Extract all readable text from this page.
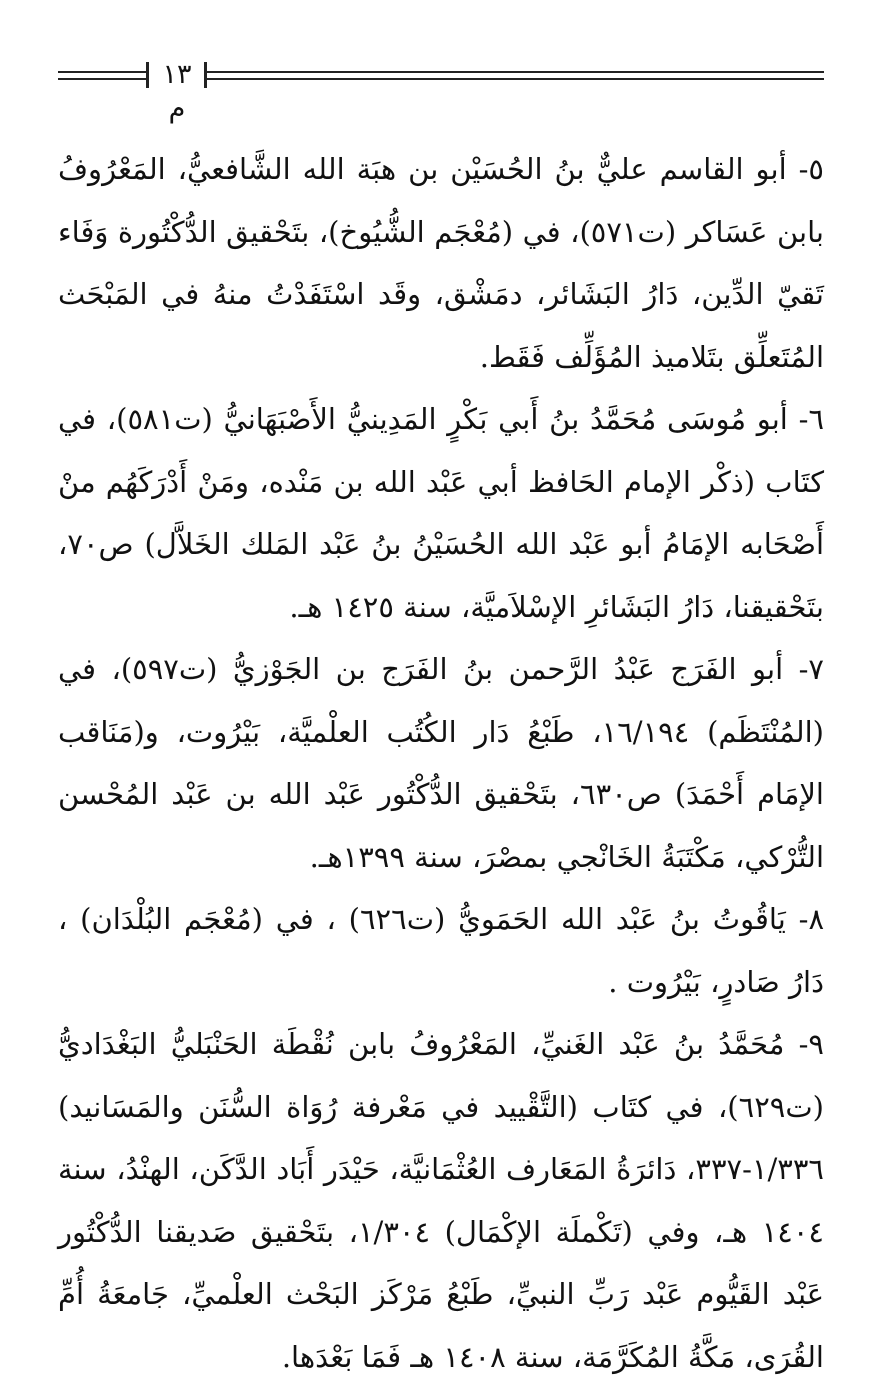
١٣ م

٥- أبو القاسم عليٌّ بنُ الحُسَيْن بن هبَة الله الشَّافعيُّ، المَعْرُوفُ بابن عَسَاكر (ت٥٧١)، في (مُعْجَم الشُّيُوخ)، بتَحْقيق الدُّكْتُورة وَفَاء تَقيّ الدِّين، دَارُ البَشَائر، دمَشْق، وقَد اسْتَفَدْتُ منهُ في المَبْحَث المُتَعلِّق بتَلاميذ المُؤَلِّف فَقَط.

٦- أبو مُوسَى مُحَمَّدُ بنُ أَبي بَكْرٍ المَدِينيُّ الأَصْبَهَانيُّ (ت٥٨١)، في كتَاب (ذكْر الإمام الحَافظ أبي عَبْد الله بن مَنْده، ومَنْ أَدْرَكَهُم منْ أَصْحَابه الإمَامُ أبو عَبْد الله الحُسَيْنُ بنُ عَبْد المَلك الخَلاَّل) ص٧٠، بتَحْقيقنا، دَارُ البَشَائرِ الإسْلاَميَّة، سنة ١٤٢٥ هـ.

٧- أبو الفَرَج عَبْدُ الرَّحمن بنُ الفَرَج بن الجَوْزيُّ (ت٥٩٧)، في (المُنْتَظَم) ١٦/١٩٤، طَبْعُ دَار الكُتُب العلْميَّة، بَيْرُوت، و(مَنَاقب الإمَام أَحْمَدَ) ص٦٣٠، بتَحْقيق الدُّكْتُور عَبْد الله بن عَبْد المُحْسن التُّرْكي، مَكْتَبَةُ الخَانْجي بمصْرَ، سنة ١٣٩٩هـ.

٨- يَاقُوتُ بنُ عَبْد الله الحَمَويُّ (ت٦٢٦) ، في (مُعْجَم البُلْدَان) ، دَارُ صَادرٍ، بَيْرُوت .

٩- مُحَمَّدُ بنُ عَبْد الغَنيِّ، المَعْرُوفُ بابن نُقْطَة الحَنْبَليُّ البَغْدَاديُّ (ت٦٢٩)، في كتَاب (التَّقْييد في مَعْرفة رُوَاة السُّنَن والمَسَانيد) ١/٣٣٦-٣٣٧، دَائرَةُ المَعَارف العُثْمَانيَّة، حَيْدَر أَبَاد الدَّكَن، الهنْدُ، سنة ١٤٠٤ هـ، وفي (تَكْملَة الإكْمَال) ١/٣٠٤، بتَحْقيق صَديقنا الدُّكْتُور عَبْد القَيُّوم عَبْد رَبِّ النبيِّ، طَبْعُ مَرْكَز البَحْث العلْميِّ، جَامعَةُ أُمِّ القُرَى، مَكَّةُ المُكَرَّمَة، سنة ١٤٠٨ هـ فَمَا بَعْدَها.
